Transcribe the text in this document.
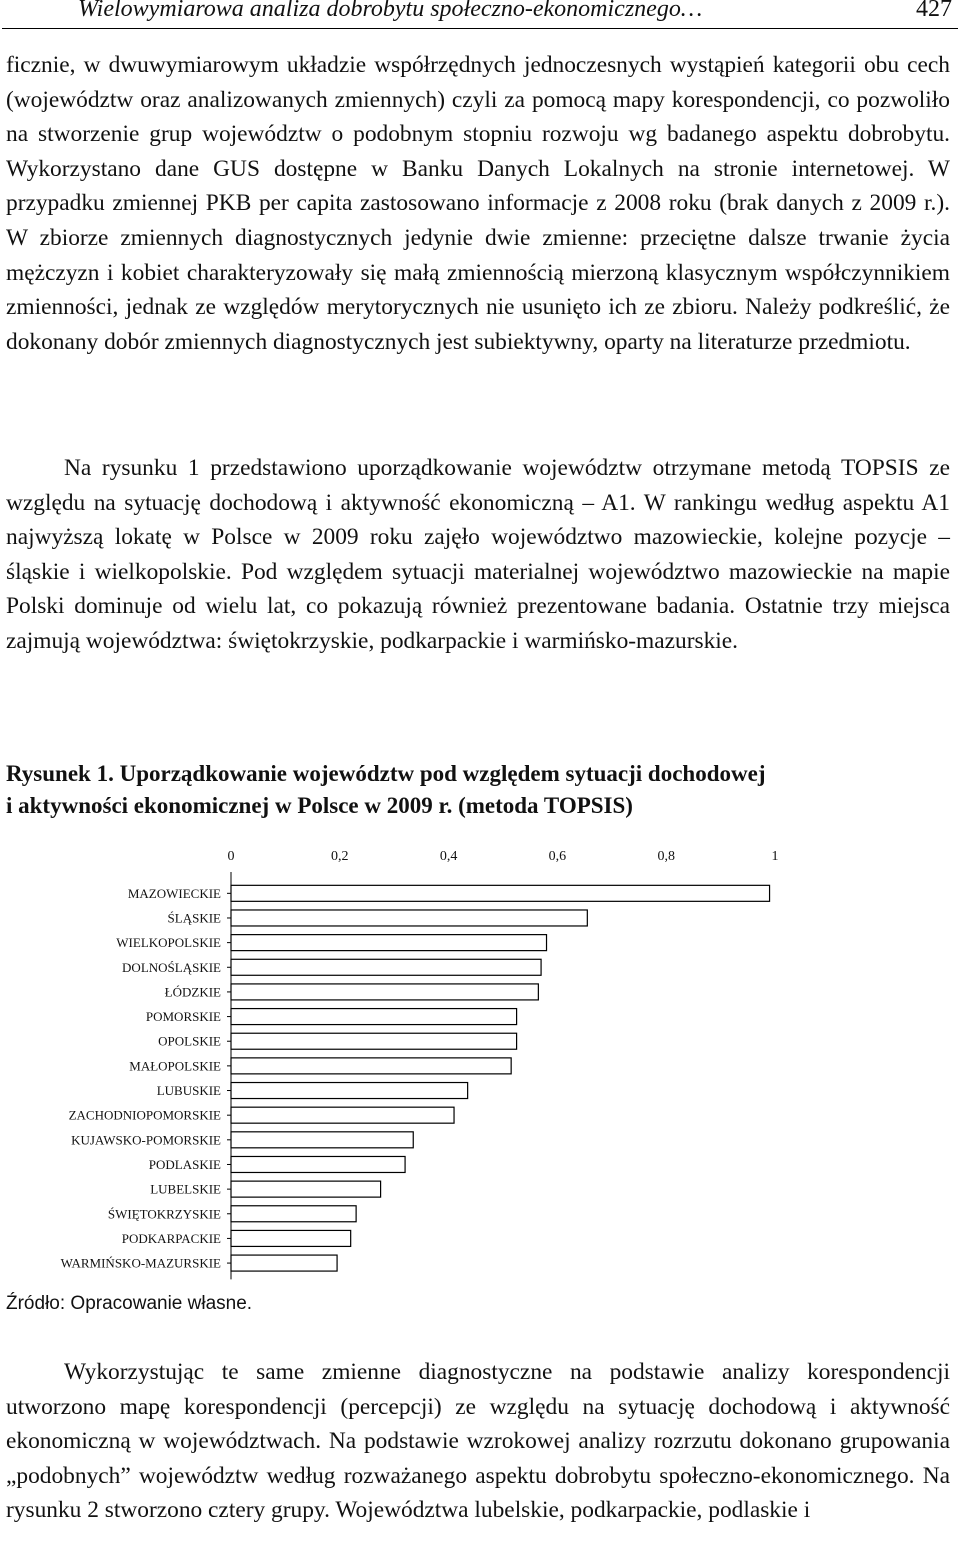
Wielowymiarowa analiza dobrobytu społeczno-ekonomicznego…	427

ficznie, w dwuwymiarowym układzie współrzędnych jednoczesnych wystąpień kategorii obu cech (województw oraz analizowanych zmiennych) czyli za pomocą mapy korespondencji, co pozwoliło na stworzenie grup województw o podobnym stopniu rozwoju wg badanego aspektu dobrobytu. Wykorzystano dane GUS dostępne w Banku Danych Lokalnych na stronie internetowej. W przypadku zmiennej PKB per capita zastosowano informacje z 2008 roku (brak danych z 2009 r.). W zbiorze zmiennych diagnostycznych jedynie dwie zmienne: przeciętne dalsze trwanie życia mężczyzn i kobiet charakteryzowały się małą zmiennością mierzoną klasycznym współczynnikiem zmienności, jednak ze względów merytorycznych nie usunięto ich ze zbioru. Należy podkreślić, że dokonany dobór zmiennych diagnostycznych jest subiektywny, oparty na literaturze przedmiotu.

Na rysunku 1 przedstawiono uporządkowanie województw otrzymane metodą TOPSIS ze względu na sytuację dochodową i aktywność ekonomiczną – A1. W rankingu według aspektu A1 najwyższą lokatę w Polsce w 2009 roku zajęło województwo mazowieckie, kolejne pozycje – śląskie i wielkopolskie. Pod względem sytuacji materialnej województwo mazowieckie na mapie Polski dominuje od wielu lat, co pokazują również prezentowane badania. Ostatnie trzy miejsca zajmują województwa: świętokrzyskie, podkarpackie i warmińsko-mazurskie.

Rysunek 1. Uporządkowanie województw pod względem sytuacji dochodowej
i aktywności ekonomicznej w Polsce w 2009 r. (metoda TOPSIS)
0	0,2	0,4	0,6	0,8	1
MAZOWIECKIE
ŚLĄSKIE
WIELKOPOLSKIE
DOLNOŚLĄSKIE
ŁÓDZKIE
POMORSKIE
OPOLSKIE
MAŁOPOLSKIE
LUBUSKIE
ZACHODNIOPOMORSKIE
KUJAWSKO-POMORSKIE
PODLASKIE
LUBELSKIE
ŚWIĘTOKRZYSKIE
PODKARPACKIE
WARMIŃSKO-MAZURSKIE
Źródło: Opracowanie własne.

Wykorzystując te same zmienne diagnostyczne na podstawie analizy korespondencji utworzono mapę korespondencji (percepcji) ze względu na sytuację dochodową i aktywność ekonomiczną w województwach. Na podstawie wzrokowej analizy rozrzutu dokonano grupowania „podobnych” województw według rozważanego aspektu dobrobytu społeczno-ekonomicznego. Na rysunku 2 stworzono cztery grupy. Województwa lubelskie, podkarpackie, podlaskie i
